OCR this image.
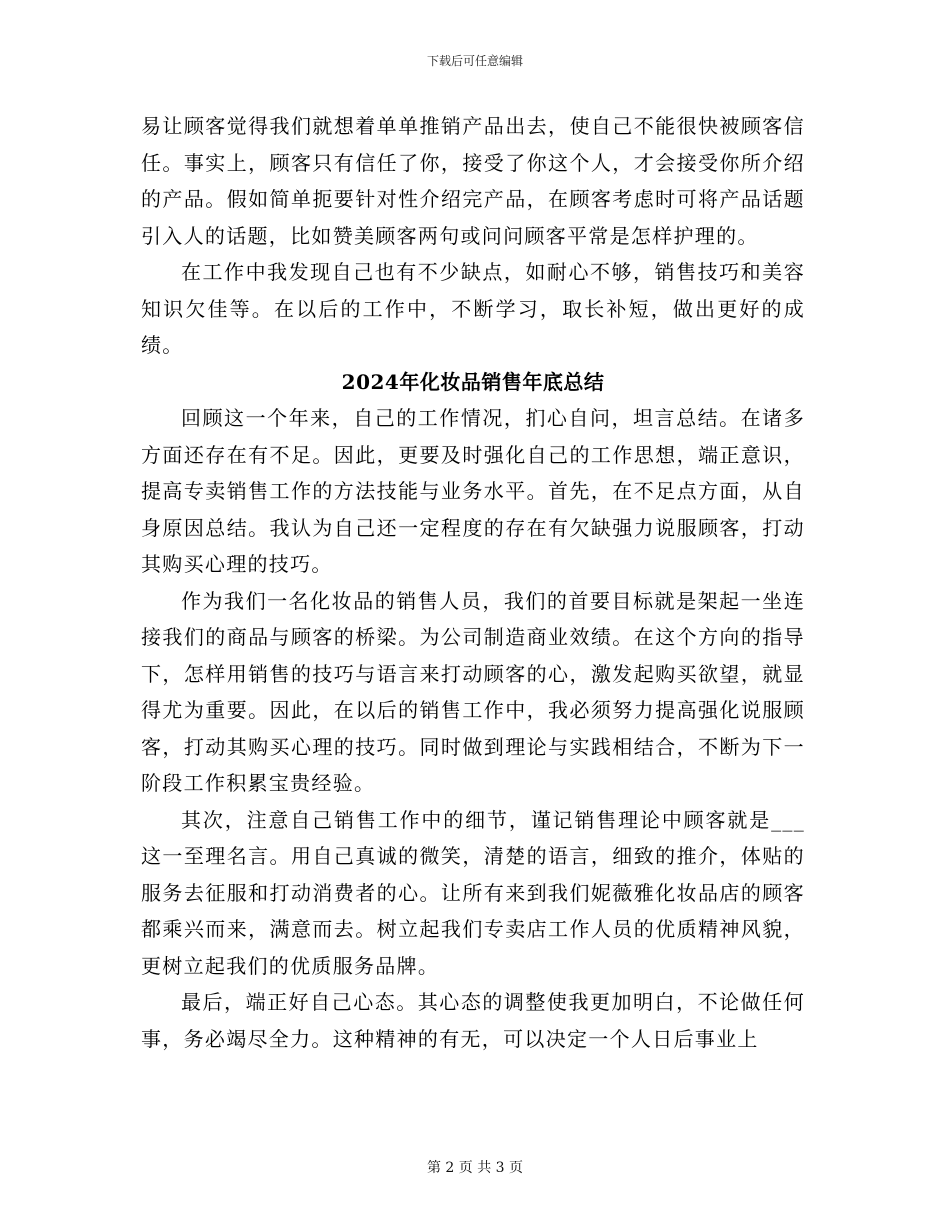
下载后可任意编辑

易让顾客觉得我们就想着单单推销产品出去，使自己不能很快被顾客信任。事实上，顾客只有信任了你，接受了你这个人，才会接受你所介绍的产品。假如简单扼要针对性介绍完产品，在顾客考虑时可将产品话题引入人的话题，比如赞美顾客两句或问问顾客平常是怎样护理的。

在工作中我发现自己也有不少缺点，如耐心不够，销售技巧和美容知识欠佳等。在以后的工作中，不断学习，取长补短，做出更好的成绩。

2024年化妆品销售年底总结

回顾这一个年来，自己的工作情况，扪心自问，坦言总结。在诸多方面还存在有不足。因此，更要及时强化自己的工作思想，端正意识，提高专卖销售工作的方法技能与业务水平。首先，在不足点方面，从自身原因总结。我认为自己还一定程度的存在有欠缺强力说服顾客，打动其购买心理的技巧。

作为我们一名化妆品的销售人员，我们的首要目标就是架起一坐连接我们的商品与顾客的桥梁。为公司制造商业效绩。在这个方向的指导下，怎样用销售的技巧与语言来打动顾客的心，激发起购买欲望，就显得尤为重要。因此，在以后的销售工作中，我必须努力提高强化说服顾客，打动其购买心理的技巧。同时做到理论与实践相结合，不断为下一阶段工作积累宝贵经验。

其次，注意自己销售工作中的细节，谨记销售理论中顾客就是___这一至理名言。用自己真诚的微笑，清楚的语言，细致的推介，体贴的服务去征服和打动消费者的心。让所有来到我们妮薇雅化妆品店的顾客都乘兴而来，满意而去。树立起我们专卖店工作人员的优质精神风貌，更树立起我们的优质服务品牌。

最后，端正好自己心态。其心态的调整使我更加明白，不论做任何事，务必竭尽全力。这种精神的有无，可以决定一个人日后事业上

第 2 页 共 3 页
